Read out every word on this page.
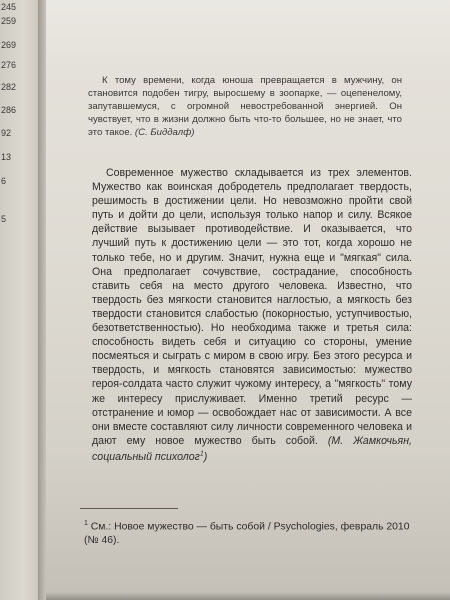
245
259
269
276
282
286
92
13
6
5
К тому времени, когда юноша превращается в мужчину, он становится подобен тигру, выросшему в зоопарке, — оцепенелому, запутавшемуся, с огромной невостребованной энергией. Он чувствует, что в жизни должно быть что-то большее, но не знает, что это такое. (С. Биддалф)
Современное мужество складывается из трех элементов. Мужество как воинская добродетель предполагает твердость, решимость в достижении цели. Но невозможно пройти свой путь и дойти до цели, используя только напор и силу. Всякое действие вызывает противодействие. И оказывается, что лучший путь к достижению цели — это тот, когда хорошо не только тебе, но и другим. Значит, нужна еще и "мягкая" сила. Она предполагает сочувствие, сострадание, способность ставить себя на место другого человека. Известно, что твердость без мягкости становится наглостью, а мягкость без твердости становится слабостью (покорностью, уступчивостью, безответственностью). Но необходима также и третья сила: способность видеть себя и ситуацию со стороны, умение посмеяться и сыграть с миром в свою игру. Без этого ресурса и твердость, и мягкость становятся зависимостью: мужество героя-солдата часто служит чужому интересу, а "мягкость" тому же интересу прислуживает. Именно третий ресурс — отстранение и юмор — освобождает нас от зависимости. А все они вместе составляют силу личности современного человека и дают ему новое мужество быть собой. (М. Жамкочьян, социальный психолог$^1$)
$^1$ См.: Новое мужество — быть собой / Psychologies, февраль 2010 (№ 46).
